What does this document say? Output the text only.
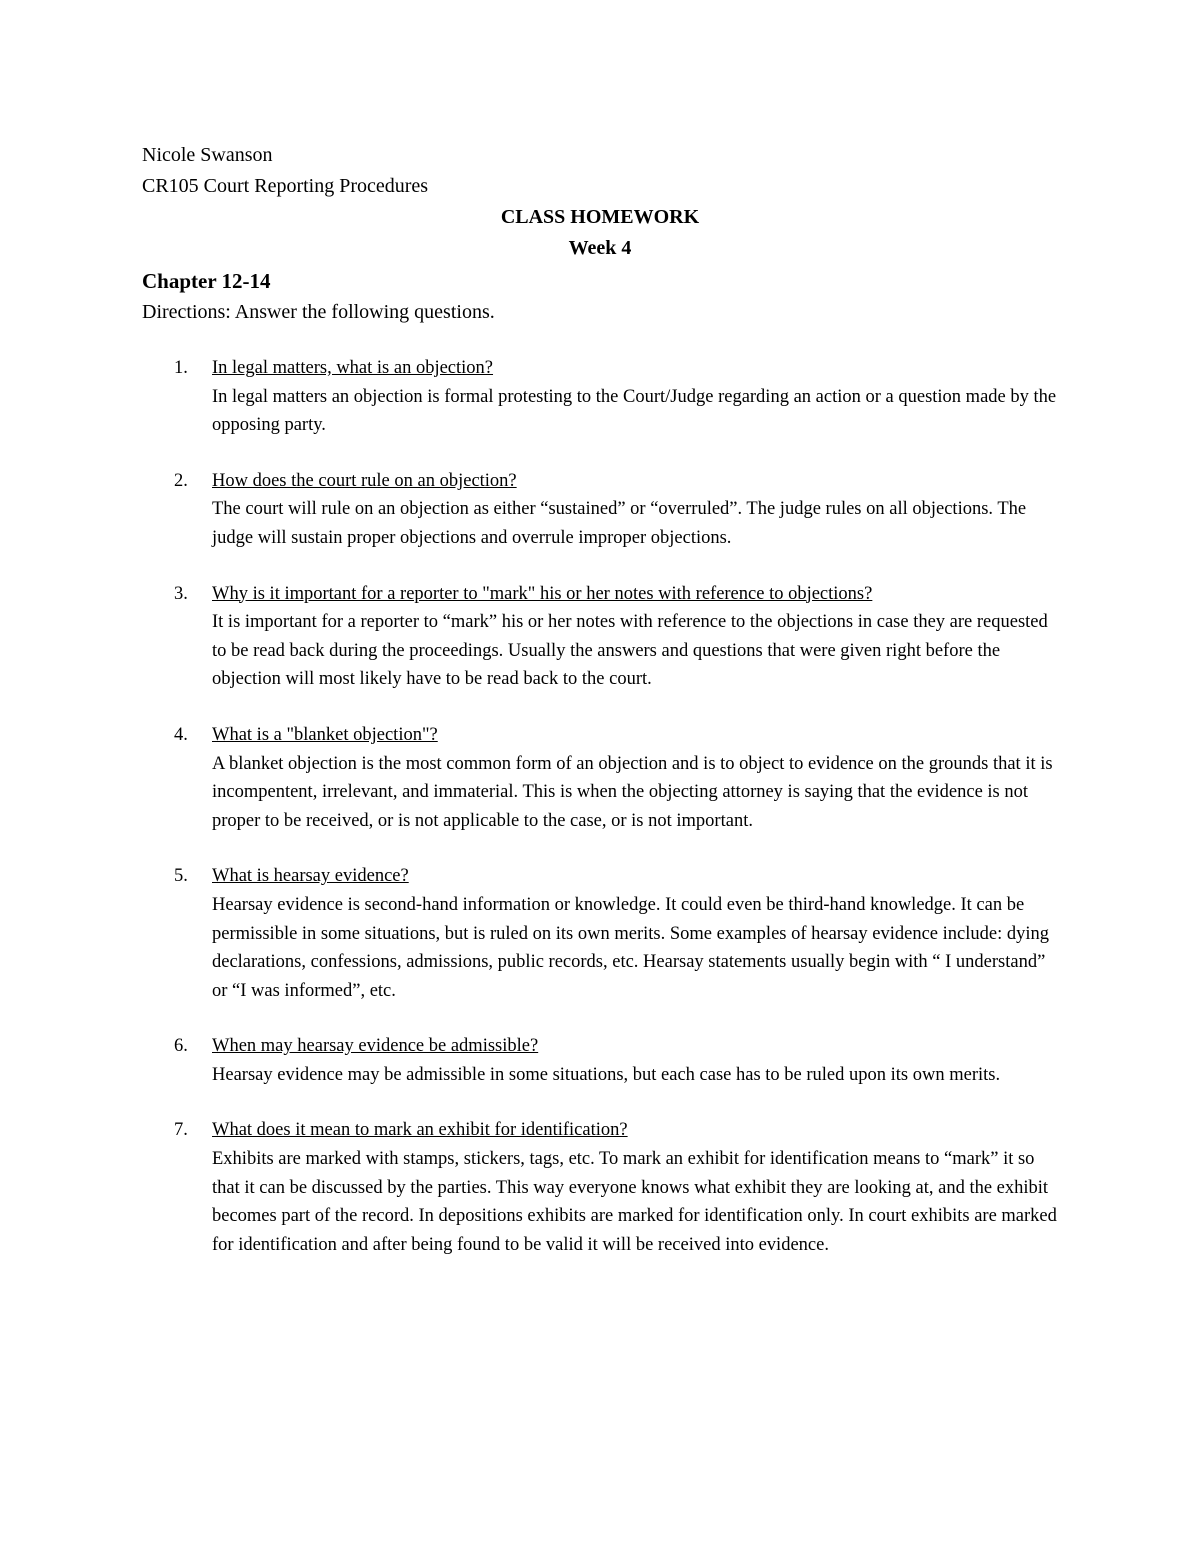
Nicole Swanson
CR105 Court Reporting Procedures
CLASS HOMEWORK
Week 4
Chapter 12-14
Directions: Answer the following questions.
1. In legal matters, what is an objection?
In legal matters an objection is formal protesting to the Court/Judge regarding an action or a question made by the opposing party.
2. How does the court rule on an objection?
The court will rule on an objection as either “sustained” or “overruled”. The judge rules on all objections. The judge will sustain proper objections and overrule improper objections.
3. Why is it important for a reporter to "mark" his or her notes with reference to objections?
It is important for a reporter to “mark” his or her notes with reference to the objections in case they are requested to be read back during the proceedings. Usually the answers and questions that were given right before the objection will most likely have to be read back to the court.
4. What is a "blanket objection"?
A blanket objection is the most common form of an objection and is to object to evidence on the grounds that it is incompentent, irrelevant, and immaterial. This is when the objecting attorney is saying that the evidence is not proper to be received, or is not applicable to the case, or is not important.
5. What is hearsay evidence?
Hearsay evidence is second-hand information or knowledge. It could even be third-hand knowledge. It can be permissible in some situations, but is ruled on its own merits. Some examples of hearsay evidence include: dying declarations, confessions, admissions, public records, etc. Hearsay statements usually begin with “ I understand” or “I was informed”, etc.
6. When may hearsay evidence be admissible?
Hearsay evidence may be admissible in some situations, but each case has to be ruled upon its own merits.
7. What does it mean to mark an exhibit for identification?
Exhibits are marked with stamps, stickers, tags, etc. To mark an exhibit for identification means to “mark” it so that it can be discussed by the parties. This way everyone knows what exhibit they are looking at, and the exhibit becomes part of the record. In depositions exhibits are marked for identification only. In court exhibits are marked for identification and after being found to be valid it will be received into evidence.
